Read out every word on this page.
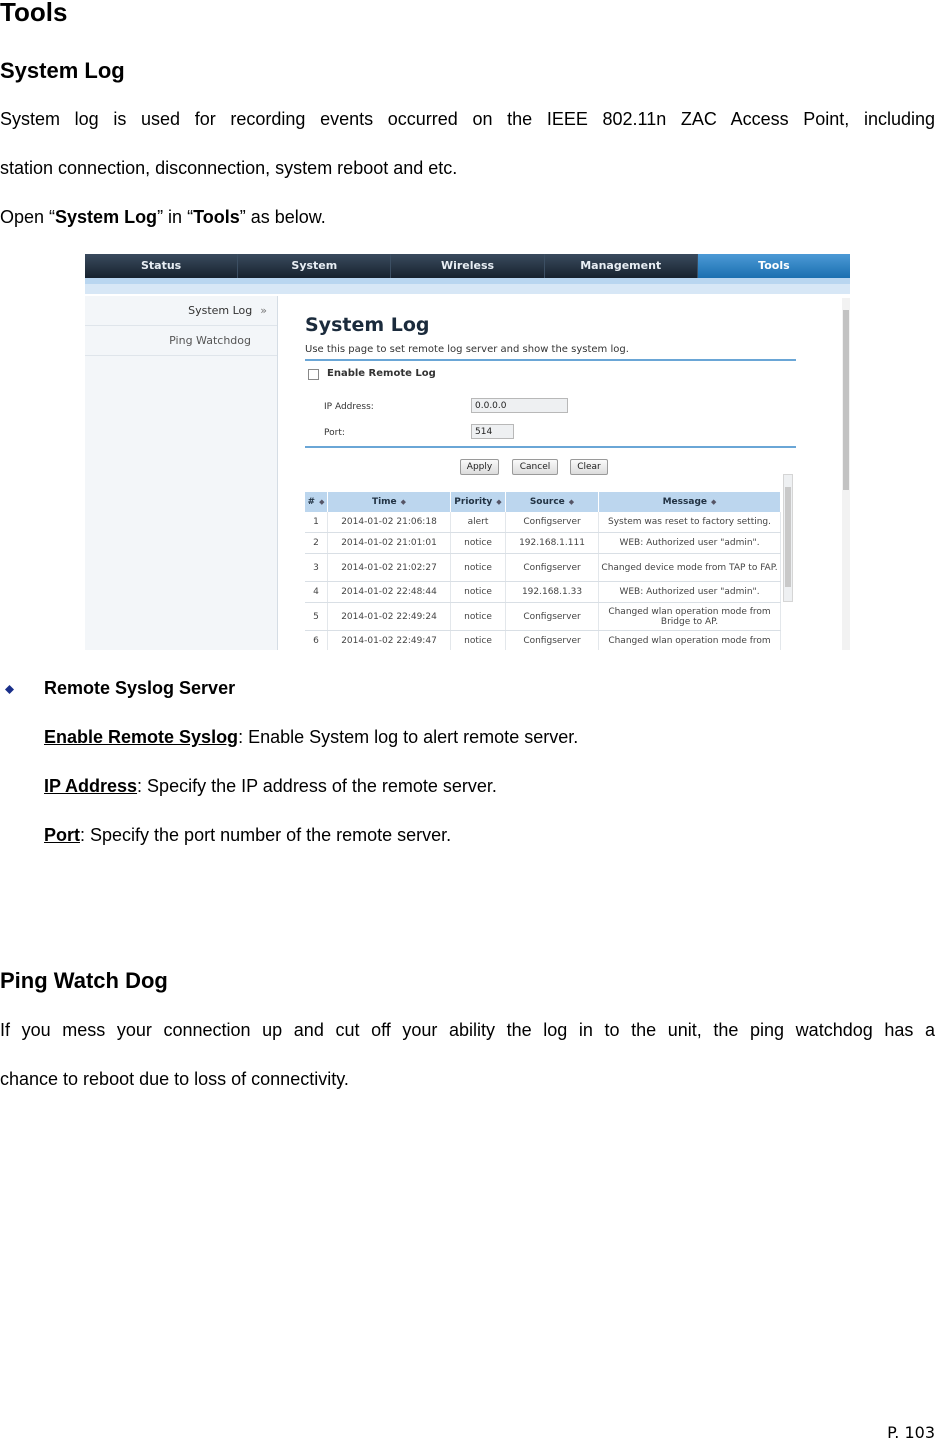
Tools
System Log
System log is used for recording events occurred on the IEEE 802.11n ZAC Access Point, including
station connection, disconnection, system reboot and etc.
Open “System Log” in “Tools” as below.
Status	System	Wireless	Management	Tools
System Log »
Ping Watchdog
System Log
Use this page to set remote log server and show the system log.
Enable Remote Log
IP Address:	0.0.0.0
Port:	514
Apply	Cancel	Clear
# ◆	Time ◆	Priority ◆	Source ◆	Message ◆
1	2014-01-02 21:06:18	alert	Configserver	System was reset to factory setting.
2	2014-01-02 21:01:01	notice	192.168.1.111	WEB: Authorized user "admin".
3	2014-01-02 21:02:27	notice	Configserver	Changed device mode from TAP to FAP.
4	2014-01-02 22:48:44	notice	192.168.1.33	WEB: Authorized user "admin".
5	2014-01-02 22:49:24	notice	Configserver	Changed wlan operation mode from Bridge to AP.
6	2014-01-02 22:49:47	notice	Configserver	Changed wlan operation mode from
Remote Syslog Server
Enable Remote Syslog: Enable System log to alert remote server.
IP Address: Specify the IP address of the remote server.
Port: Specify the port number of the remote server.
Ping Watch Dog
If you mess your connection up and cut off your ability the log in to the unit, the ping watchdog has a
chance to reboot due to loss of connectivity.
P. 103
